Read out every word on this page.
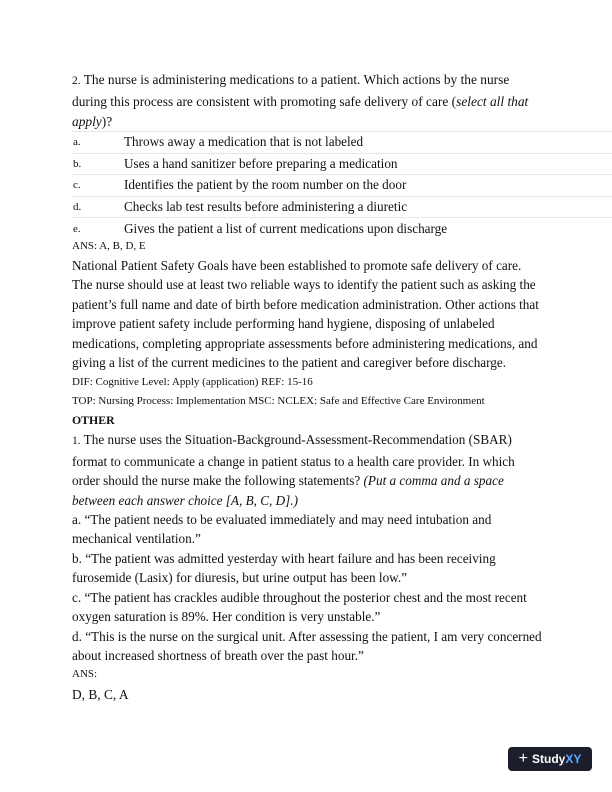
2. The nurse is administering medications to a patient. Which actions by the nurse during this process are consistent with promoting safe delivery of care (select all that apply)?

a.	Throws away a medication that is not labeled
b.	Uses a hand sanitizer before preparing a medication
c.	Identifies the patient by the room number on the door
d.	Checks lab test results before administering a diuretic
e.	Gives the patient a list of current medications upon discharge

ANS: A, B, D, E

National Patient Safety Goals have been established to promote safe delivery of care. The nurse should use at least two reliable ways to identify the patient such as asking the patient’s full name and date of birth before medication administration. Other actions that improve patient safety include performing hand hygiene, disposing of unlabeled medications, completing appropriate assessments before administering medications, and giving a list of the current medicines to the patient and caregiver before discharge.

DIF: Cognitive Level: Apply (application) REF: 15-16

TOP: Nursing Process: Implementation MSC: NCLEX: Safe and Effective Care Environment

OTHER

1. The nurse uses the Situation-Background-Assessment-Recommendation (SBAR) format to communicate a change in patient status to a health care provider. In which order should the nurse make the following statements? (Put a comma and a space between each answer choice [A, B, C, D].)

a. “The patient needs to be evaluated immediately and may need intubation and mechanical ventilation.”

b. “The patient was admitted yesterday with heart failure and has been receiving furosemide (Lasix) for diuresis, but urine output has been low.”

c. “The patient has crackles audible throughout the posterior chest and the most recent oxygen saturation is 89%. Her condition is very unstable.”

d. “This is the nurse on the surgical unit. After assessing the patient, I am very concerned about increased shortness of breath over the past hour.”

ANS:

D, B, C, A

+ StudyXY
